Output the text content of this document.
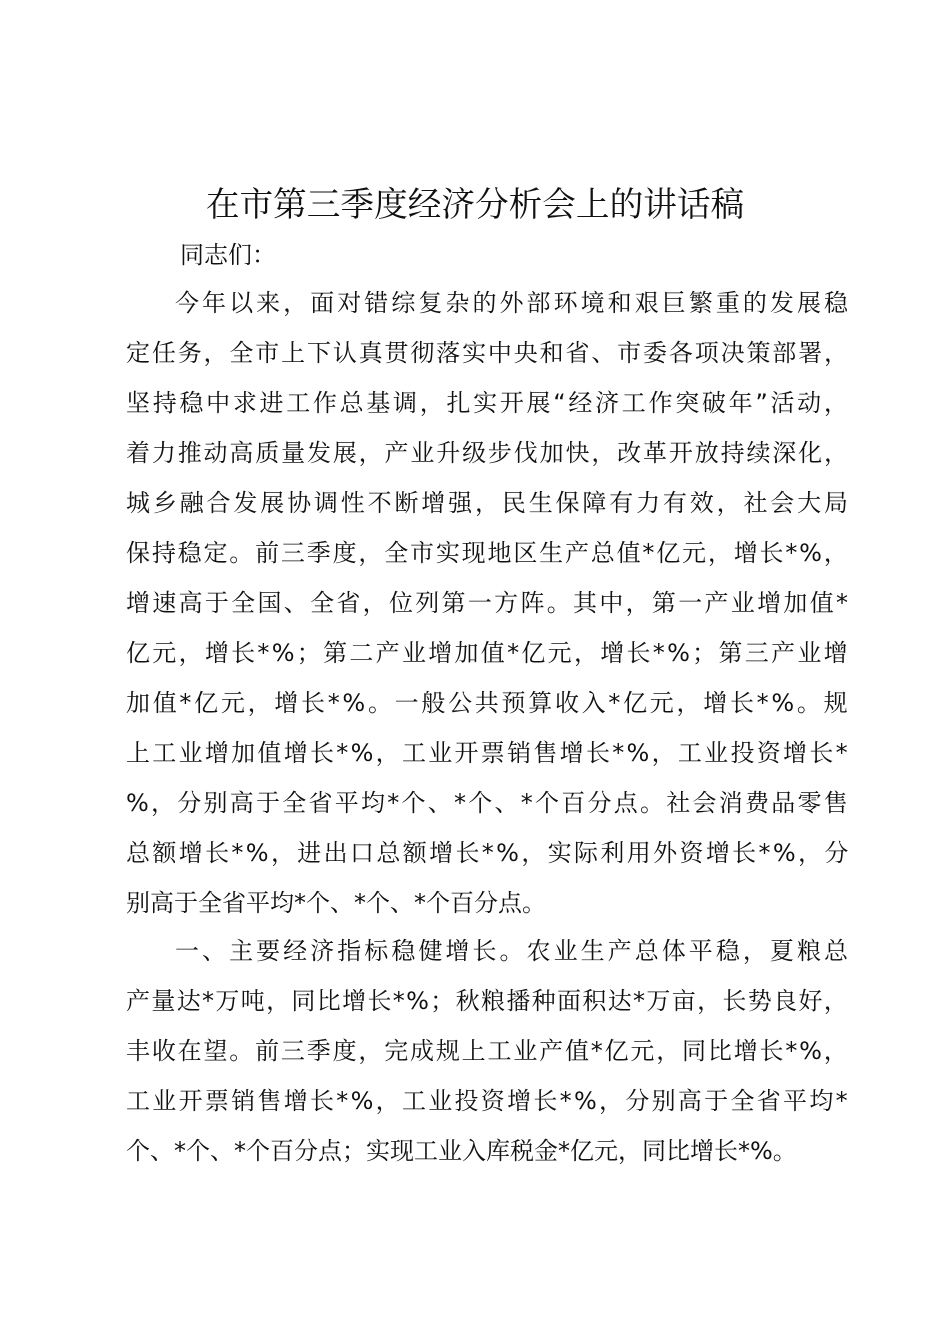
在市第三季度经济分析会上的讲话稿
同志们：
今年以来，面对错综复杂的外部环境和艰巨繁重的发展稳
定任务，全市上下认真贯彻落实中央和省、市委各项决策部署，
坚持稳中求进工作总基调，扎实开展“经济工作突破年”活动，
着力推动高质量发展，产业升级步伐加快，改革开放持续深化，
城乡融合发展协调性不断增强，民生保障有力有效，社会大局
保持稳定。前三季度，全市实现地区生产总值*亿元，增长*%，
增速高于全国、全省，位列第一方阵。其中，第一产业增加值*
亿元，增长*%；第二产业增加值*亿元，增长*%；第三产业增
加值*亿元，增长*%。一般公共预算收入*亿元，增长*%。规
上工业增加值增长*%，工业开票销售增长*%，工业投资增长*
%，分别高于全省平均*个、*个、*个百分点。社会消费品零售
总额增长*%，进出口总额增长*%，实际利用外资增长*%，分
别高于全省平均*个、*个、*个百分点。
一、主要经济指标稳健增长。农业生产总体平稳，夏粮总
产量达*万吨，同比增长*%；秋粮播种面积达*万亩，长势良好，
丰收在望。前三季度，完成规上工业产值*亿元，同比增长*%，
工业开票销售增长*%，工业投资增长*%，分别高于全省平均*
个、*个、*个百分点；实现工业入库税金*亿元，同比增长*%。
